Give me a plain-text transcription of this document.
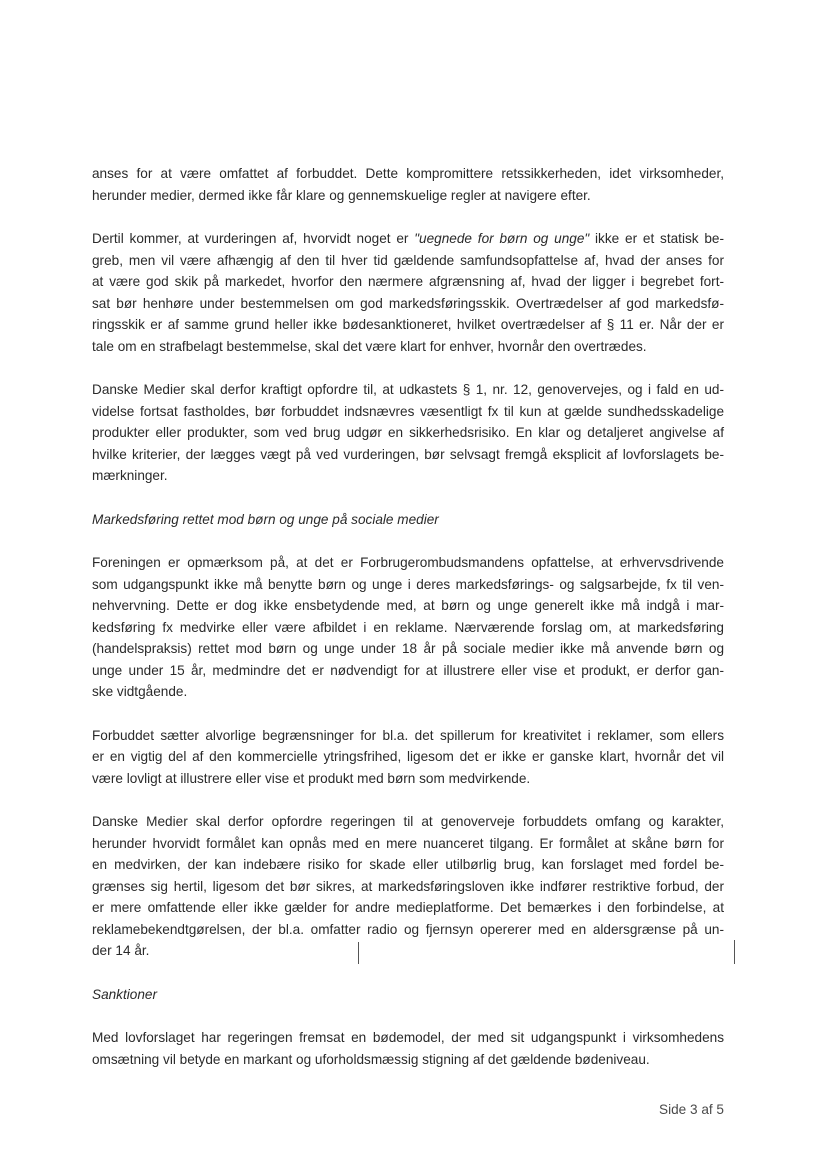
anses for at være omfattet af forbuddet. Dette kompromittere retssikkerheden, idet virksomheder,
herunder medier, dermed ikke får klare og gennemskuelige regler at navigere efter.
Dertil kommer, at vurderingen af, hvorvidt noget er "uegnede for børn og unge" ikke er et statisk be-
greb, men vil være afhængig af den til hver tid gældende samfundsopfattelse af, hvad der anses for
at være god skik på markedet, hvorfor den nærmere afgrænsning af, hvad der ligger i begrebet fort-
sat bør henhøre under bestemmelsen om god markedsføringsskik. Overtrædelser af god markedsfø-
ringsskik er af samme grund heller ikke bødesanktioneret, hvilket overtrædelser af § 11 er. Når der er
tale om en strafbelagt bestemmelse, skal det være klart for enhver, hvornår den overtrædes.
Danske Medier skal derfor kraftigt opfordre til, at udkastets § 1, nr. 12, genovervejes, og i fald en ud-
videlse fortsat fastholdes, bør forbuddet indsnævres væsentligt fx til kun at gælde sundhedsskadelige
produkter eller produkter, som ved brug udgør en sikkerhedsrisiko. En klar og detaljeret angivelse af
hvilke kriterier, der lægges vægt på ved vurderingen, bør selvsagt fremgå eksplicit af lovforslagets be-
mærkninger.
Markedsføring rettet mod børn og unge på sociale medier
Foreningen er opmærksom på, at det er Forbrugerombudsmandens opfattelse, at erhvervsdrivende
som udgangspunkt ikke må benytte børn og unge i deres markedsførings- og salgsarbejde, fx til ven-
nehvervning. Dette er dog ikke ensbetydende med, at børn og unge generelt ikke må indgå i mar-
kedsføring fx medvirke eller være afbildet i en reklame. Nærværende forslag om, at markedsføring
(handelspraksis) rettet mod børn og unge under 18 år på sociale medier ikke må anvende børn og
unge under 15 år, medmindre det er nødvendigt for at illustrere eller vise et produkt, er derfor gan-
ske vidtgående.
Forbuddet sætter alvorlige begrænsninger for bl.a. det spillerum for kreativitet i reklamer, som ellers
er en vigtig del af den kommercielle ytringsfrihed, ligesom det er ikke er ganske klart, hvornår det vil
være lovligt at illustrere eller vise et produkt med børn som medvirkende.
Danske Medier skal derfor opfordre regeringen til at genoverveje forbuddets omfang og karakter,
herunder hvorvidt formålet kan opnås med en mere nuanceret tilgang. Er formålet at skåne børn for
en medvirken, der kan indebære risiko for skade eller utilbørlig brug, kan forslaget med fordel be-
grænses sig hertil, ligesom det bør sikres, at markedsføringsloven ikke indfører restriktive forbud, der
er mere omfattende eller ikke gælder for andre medieplatforme. Det bemærkes i den forbindelse, at
reklamebekendtgørelsen, der bl.a. omfatter radio og fjernsyn opererer med en aldersgrænse på un-
der 14 år.
Sanktioner
Med lovforslaget har regeringen fremsat en bødemodel, der med sit udgangspunkt i virksomhedens
omsætning vil betyde en markant og uforholdsmæssig stigning af det gældende bødeniveau.
Side 3 af 5
